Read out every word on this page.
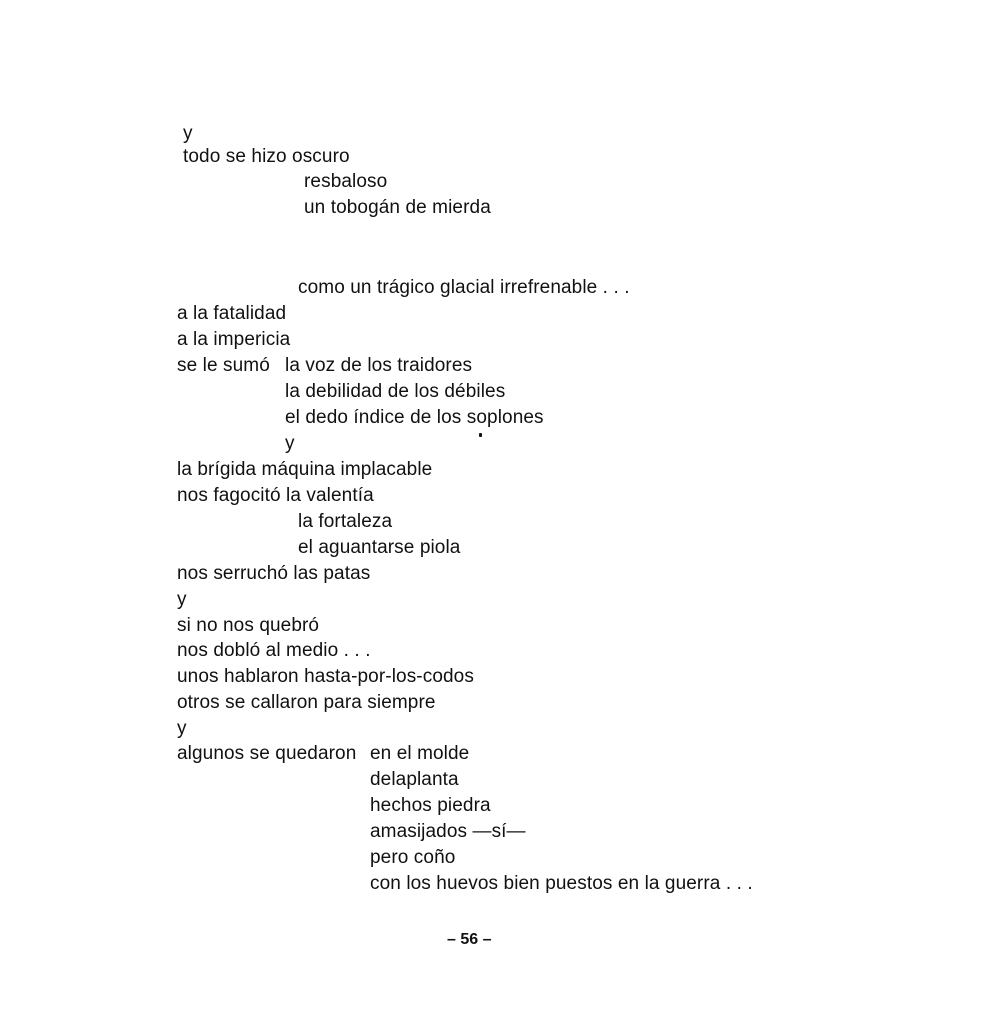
y
todo se hizo oscuro
resbaloso
un tobogán de mierda
como un trágico glacial irrefrenable . . .
a la fatalidad
a la impericia
se le sumó la voz de los traidores
la debilidad de los débiles
el dedo índice de los soplones
y
la brígida máquina implacable
nos fagocitó la valentía
la fortaleza
el aguantarse piola
nos serruchó las patas
y
si no nos quebró
nos dobló al medio . . .
unos hablaron hasta-por-los-codos
otros se callaron para siempre
y
algunos se quedaron en el molde
delaplanta
hechos piedra
amasijados —sí—
pero coño
con los huevos bien puestos en la guerra . . .
– 56 –
